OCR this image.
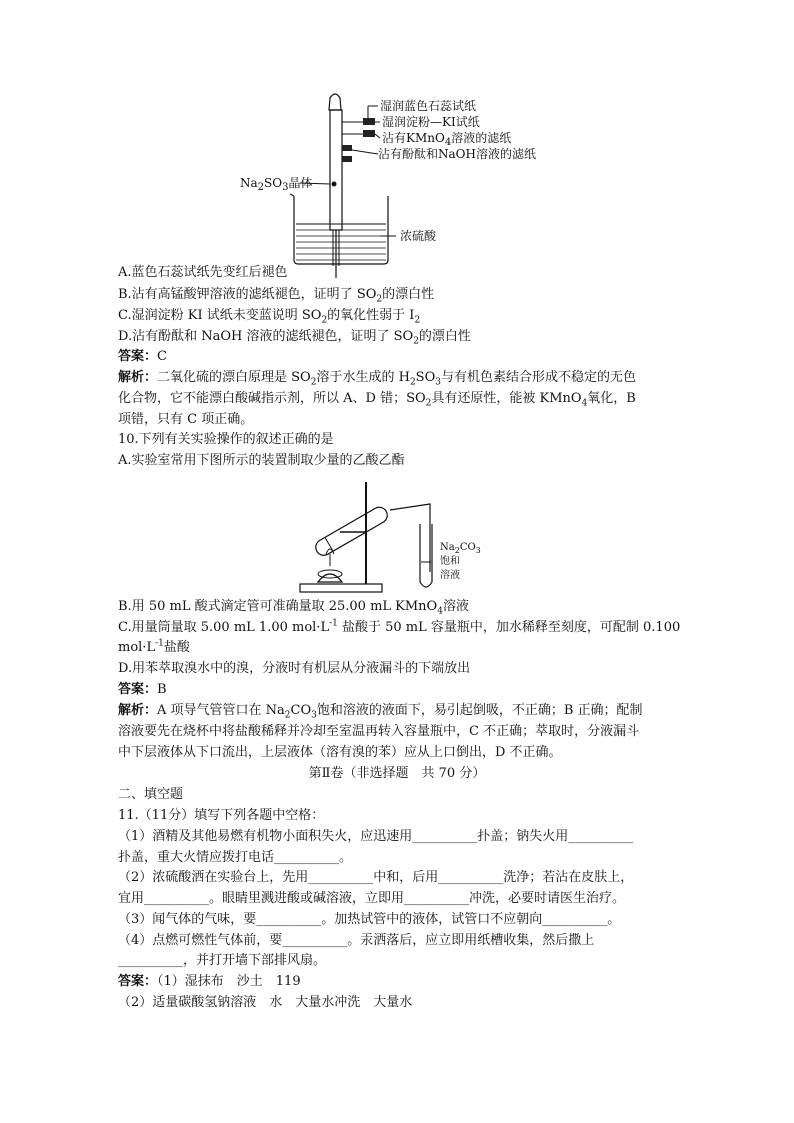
湿润蓝色石蕊试纸
湿润淀粉—KI试纸
沾有KMnO$_4$溶液的滤纸
沾有酚酞和NaOH溶液的滤纸
$Na_2SO_3$晶体
浓硫酸
A.蓝色石蕊试纸先变红后褪色
B.沾有高锰酸钾溶液的滤纸褪色，证明了 $SO_2$的漂白性
C.湿润淀粉 KI 试纸未变蓝说明 $SO_2$的氧化性弱于 $I_2$
D.沾有酚酞和 NaOH 溶液的滤纸褪色，证明了 $SO_2$的漂白性
答案：C
解析：二氧化硫的漂白原理是 $SO_2$溶于水生成的 $H_2SO_3$与有机色素结合形成不稳定的无色
化合物，它不能漂白酸碱指示剂，所以 A、D 错；$SO_2$具有还原性，能被 KMnO$_4$氧化，B
项错，只有 C 项正确。
10.下列有关实验操作的叙述正确的是
A.实验室常用下图所示的装置制取少量的乙酸乙酯
$Na_2CO_3$
饱和
溶液
B.用 50 mL 酸式滴定管可准确量取 25.00 mL KMnO$_4$溶液
C.用量筒量取 5.00 mL 1.00 $mol\cdot L^{-1}$ 盐酸于 50 mL 容量瓶中，加水稀释至刻度，可配制 0.100
$mol\cdot L^{-1}$盐酸
D.用苯萃取溴水中的溴，分液时有机层从分液漏斗的下端放出
答案：B
解析：A 项导气管管口在 $Na_2CO_3$饱和溶液的液面下，易引起倒吸，不正确；B 正确；配制
溶液要先在烧杯中将盐酸稀释并冷却至室温再转入容量瓶中，C 不正确；萃取时，分液漏斗
中下层液体从下口流出，上层液体（溶有溴的苯）应从上口倒出，D 不正确。
第Ⅱ卷（非选择题　共 70 分）
二、填空题
11.（11分）填写下列各题中空格：
（1）酒精及其他易燃有机物小面积失火，应迅速用__________扑盖；钠失火用__________
扑盖，重大火情应拨打电话__________。
（2）浓硫酸洒在实验台上，先用__________中和，后用__________洗净；若沾在皮肤上，
宜用__________。眼睛里溅进酸或碱溶液，立即用__________冲洗，必要时请医生治疗。
（3）闻气体的气味，要__________。加热试管中的液体，试管口不应朝向__________。
（4）点燃可燃性气体前，要__________。汞洒落后，应立即用纸槽收集，然后撒上
__________，并打开墙下部排风扇。
答案：（1）湿抹布　沙土　119
（2）适量碳酸氢钠溶液　水　大量水冲洗　大量水
